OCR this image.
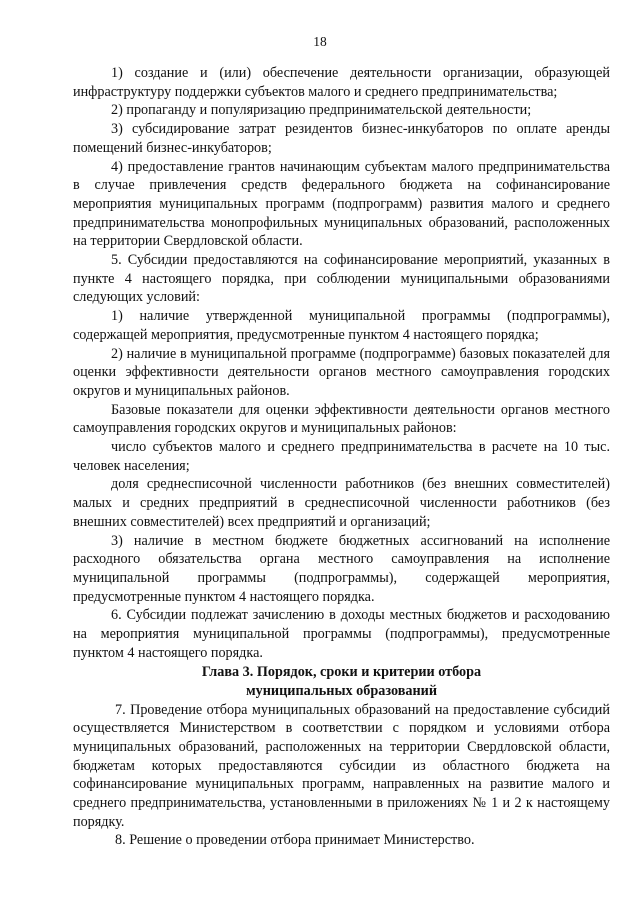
18

1) создание и (или) обеспечение деятельности организации, образующей инфраструктуру поддержки субъектов малого и среднего предпринимательства;

2) пропаганду и популяризацию предпринимательской деятельности;

3) субсидирование затрат резидентов бизнес-инкубаторов по оплате аренды помещений бизнес-инкубаторов;

4) предоставление грантов начинающим субъектам малого предпринимательства в случае привлечения средств федерального бюджета на софинансирование мероприятия муниципальных программ (подпрограмм) развития малого и среднего предпринимательства монопрофильных муниципальных образований, расположенных на территории Свердловской области.

5. Субсидии предоставляются на софинансирование мероприятий, указанных в пункте 4 настоящего порядка, при соблюдении муниципальными образованиями следующих условий:

1) наличие утвержденной муниципальной программы (подпрограммы), содержащей мероприятия, предусмотренные пунктом 4 настоящего порядка;

2) наличие в муниципальной программе (подпрограмме) базовых показателей для оценки эффективности деятельности органов местного самоуправления городских округов и муниципальных районов.

Базовые показатели для оценки эффективности деятельности органов местного самоуправления городских округов и муниципальных районов:

число субъектов малого и среднего предпринимательства в расчете на 10 тыс. человек населения;

доля среднесписочной численности работников (без внешних совместителей) малых и средних предприятий в среднесписочной численности работников (без внешних совместителей) всех предприятий и организаций;

3) наличие в местном бюджете бюджетных ассигнований на исполнение расходного обязательства органа местного самоуправления на исполнение муниципальной программы (подпрограммы), содержащей мероприятия, предусмотренные пунктом 4 настоящего порядка.

6. Субсидии подлежат зачислению в доходы местных бюджетов и расходованию на мероприятия муниципальной программы (подпрограммы), предусмотренные пунктом 4 настоящего порядка.

Глава 3. Порядок, сроки и критерии отбора
муниципальных образований

7. Проведение отбора муниципальных образований на предоставление субсидий осуществляется Министерством в соответствии с порядком и условиями отбора муниципальных образований, расположенных на территории Свердловской области, бюджетам которых предоставляются субсидии из областного бюджета на софинансирование муниципальных программ, направленных на развитие малого и среднего предпринимательства, установленными в приложениях № 1 и 2 к настоящему порядку.

8. Решение о проведении отбора принимает Министерство.
